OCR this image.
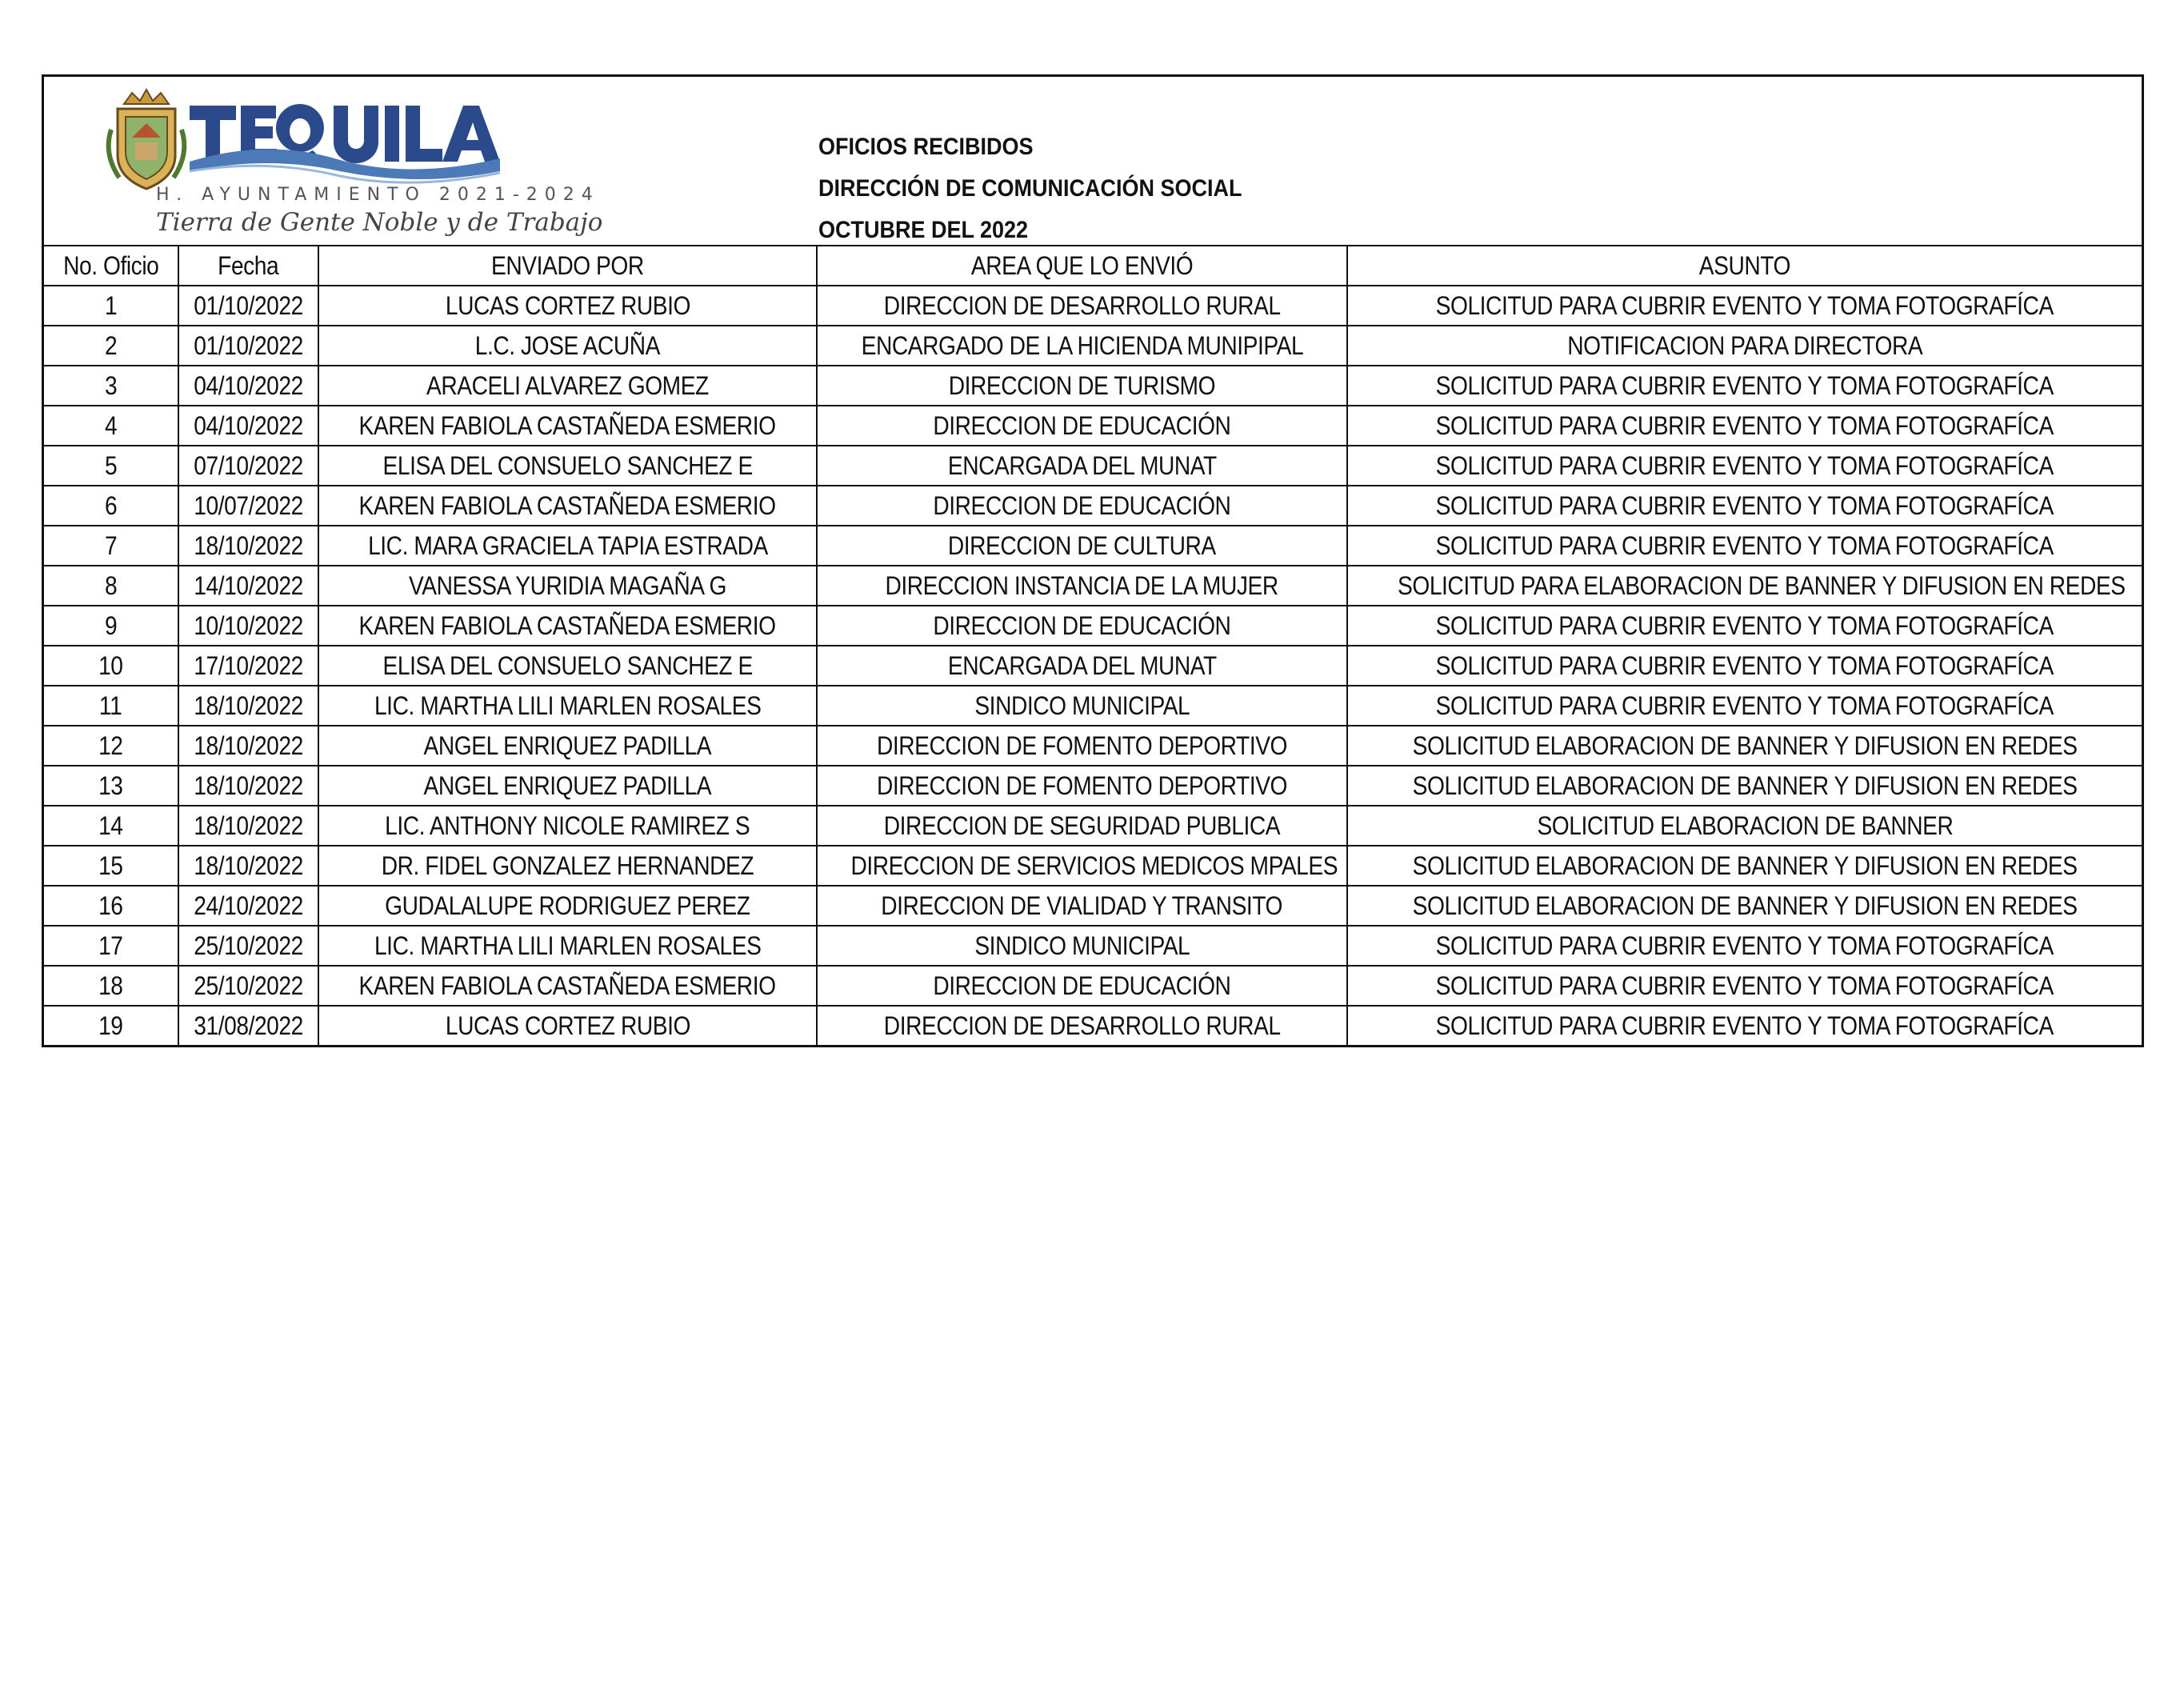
H. AYUNTAMIENTO 2021-2024
Tierra de Gente Noble y de Trabajo
OFICIOS RECIBIDOS
DIRECCIÓN DE COMUNICACIÓN SOCIAL
OCTUBRE DEL 2022
No. Oficio	Fecha	ENVIADO POR	AREA QUE LO ENVIÓ	ASUNTO
1	01/10/2022	LUCAS CORTEZ RUBIO	DIRECCION DE DESARROLLO RURAL	SOLICITUD PARA CUBRIR EVENTO Y TOMA FOTOGRAFÍCA
2	01/10/2022	L.C. JOSE ACUÑA	ENCARGADO DE LA HICIENDA MUNIPIPAL	NOTIFICACION PARA DIRECTORA
3	04/10/2022	ARACELI ALVAREZ GOMEZ	DIRECCION DE TURISMO	SOLICITUD PARA CUBRIR EVENTO Y TOMA FOTOGRAFÍCA
4	04/10/2022	KAREN FABIOLA CASTAÑEDA ESMERIO	DIRECCION DE EDUCACIÓN	SOLICITUD PARA CUBRIR EVENTO Y TOMA FOTOGRAFÍCA
5	07/10/2022	ELISA DEL CONSUELO SANCHEZ E	ENCARGADA DEL MUNAT	SOLICITUD PARA CUBRIR EVENTO Y TOMA FOTOGRAFÍCA
6	10/07/2022	KAREN FABIOLA CASTAÑEDA ESMERIO	DIRECCION DE EDUCACIÓN	SOLICITUD PARA CUBRIR EVENTO Y TOMA FOTOGRAFÍCA
7	18/10/2022	LIC. MARA GRACIELA TAPIA ESTRADA	DIRECCION DE CULTURA	SOLICITUD PARA CUBRIR EVENTO Y TOMA FOTOGRAFÍCA
8	14/10/2022	VANESSA YURIDIA MAGAÑA G	DIRECCION INSTANCIA DE LA MUJER	SOLICITUD PARA ELABORACION DE BANNER Y DIFUSION EN REDES
9	10/10/2022	KAREN FABIOLA CASTAÑEDA ESMERIO	DIRECCION DE EDUCACIÓN	SOLICITUD PARA CUBRIR EVENTO Y TOMA FOTOGRAFÍCA
10	17/10/2022	ELISA DEL CONSUELO SANCHEZ E	ENCARGADA DEL MUNAT	SOLICITUD PARA CUBRIR EVENTO Y TOMA FOTOGRAFÍCA
11	18/10/2022	LIC. MARTHA LILI MARLEN ROSALES	SINDICO MUNICIPAL	SOLICITUD PARA CUBRIR EVENTO Y TOMA FOTOGRAFÍCA
12	18/10/2022	ANGEL ENRIQUEZ PADILLA	DIRECCION DE FOMENTO DEPORTIVO	SOLICITUD ELABORACION DE BANNER Y DIFUSION EN REDES
13	18/10/2022	ANGEL ENRIQUEZ PADILLA	DIRECCION DE FOMENTO DEPORTIVO	SOLICITUD ELABORACION DE BANNER Y DIFUSION EN REDES
14	18/10/2022	LIC. ANTHONY NICOLE RAMIREZ S	DIRECCION DE SEGURIDAD PUBLICA	SOLICITUD ELABORACION DE BANNER
15	18/10/2022	DR. FIDEL GONZALEZ HERNANDEZ	DIRECCION DE SERVICIOS MEDICOS MPALES	SOLICITUD ELABORACION DE BANNER Y DIFUSION EN REDES
16	24/10/2022	GUDALALUPE RODRIGUEZ PEREZ	DIRECCION DE VIALIDAD Y TRANSITO	SOLICITUD ELABORACION DE BANNER Y DIFUSION EN REDES
17	25/10/2022	LIC. MARTHA LILI MARLEN ROSALES	SINDICO MUNICIPAL	SOLICITUD PARA CUBRIR EVENTO Y TOMA FOTOGRAFÍCA
18	25/10/2022	KAREN FABIOLA CASTAÑEDA ESMERIO	DIRECCION DE EDUCACIÓN	SOLICITUD PARA CUBRIR EVENTO Y TOMA FOTOGRAFÍCA
19	31/08/2022	LUCAS CORTEZ RUBIO	DIRECCION DE DESARROLLO RURAL	SOLICITUD PARA CUBRIR EVENTO Y TOMA FOTOGRAFÍCA
